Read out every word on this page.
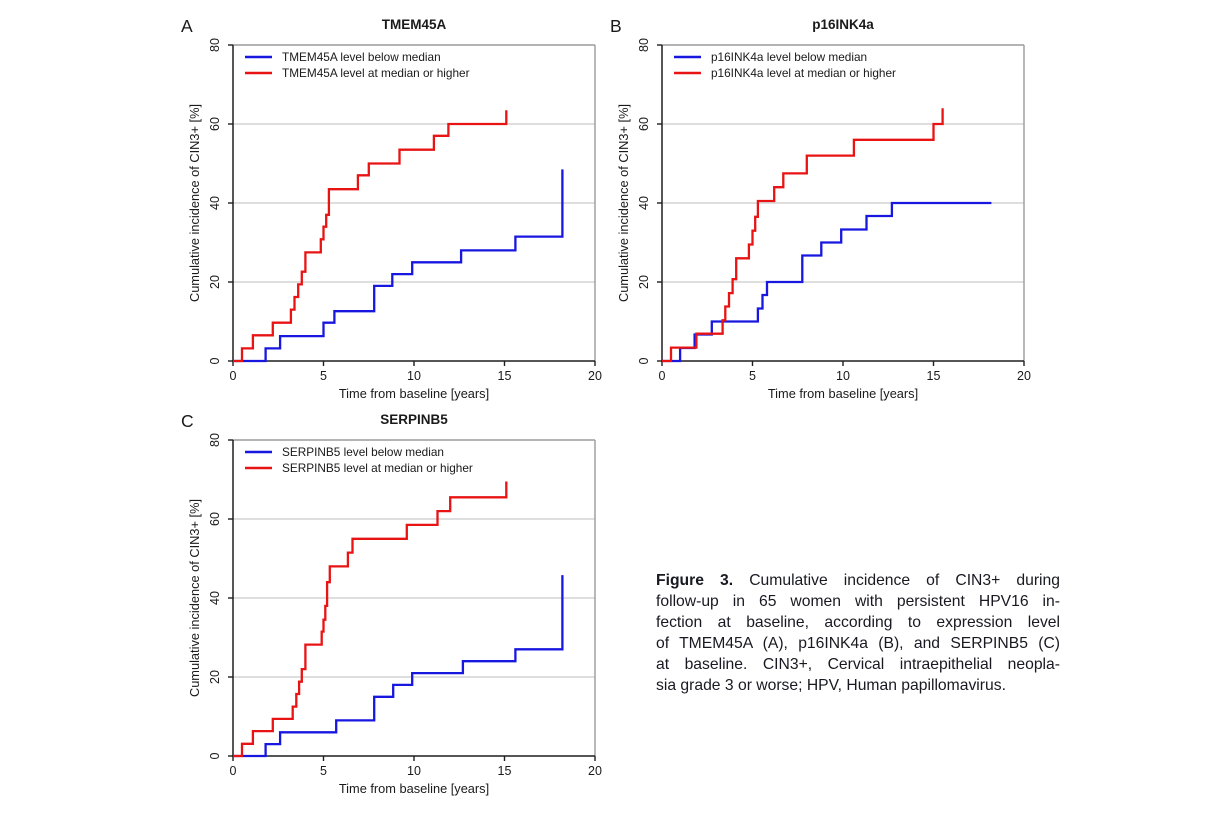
0	5	10	15	20
0
20
40
60
80
TMEM45A
A
Time from baseline [years]
Cumulative incidence of CIN3+ [%]
TMEM45A level below median
TMEM45A level at median or higher
0	5	10	15	20
0
20
40
60
80
p16INK4a
B
Time from baseline [years]
Cumulative incidence of CIN3+ [%]
p16INK4a level below median
p16INK4a level at median or higher
0	5	10	15	20
0
20
40
60
80
SERPINB5
C
Time from baseline [years]
Cumulative incidence of CIN3+ [%]
SERPINB5 level below median
SERPINB5 level at median or higher
Figure 3. Cumulative incidence of CIN3+ during
follow-up in 65 women with persistent HPV16 in-
fection at baseline, according to expression level
of TMEM45A (A), p16INK4a (B), and SERPINB5 (C)
at baseline. CIN3+, Cervical intraepithelial neopla-
sia grade 3 or worse; HPV, Human papillomavirus.
